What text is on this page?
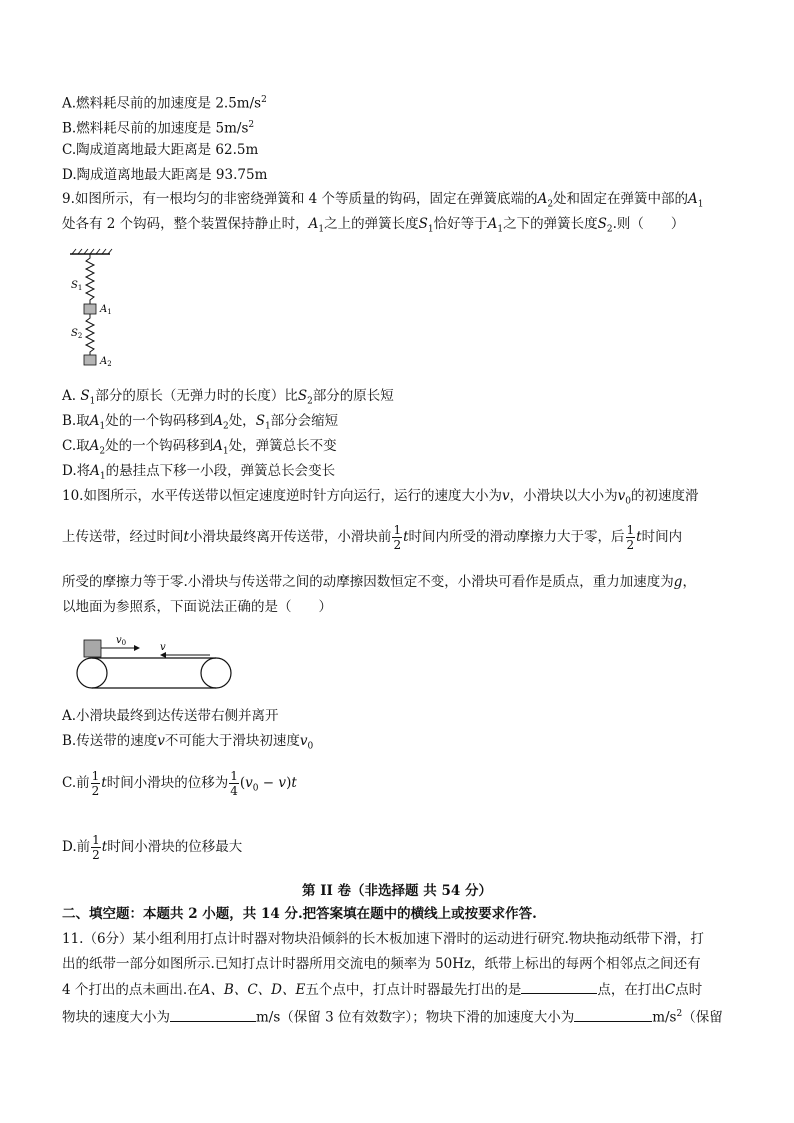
A.燃料耗尽前的加速度是 $2.5m/s^2$
B.燃料耗尽前的加速度是 $5m/s^2$
C.陶成道离地最大距离是 62.5m
D.陶成道离地最大距离是 93.75m
9.如图所示，有一根均匀的非密绕弹簧和 4 个等质量的钩码，固定在弹簧底端的$A_2$处和固定在弹簧中部的$A_1$
处各有 2 个钩码，整个装置保持静止时，$A_1$之上的弹簧长度$S_1$恰好等于$A_1$之下的弹簧长度$S_2$.则（　　）
$S_1$
$A_1$
$S_2$
$A_2$
A. $S_1$部分的原长（无弹力时的长度）比$S_2$部分的原长短
B.取$A_1$处的一个钩码移到$A_2$处，$S_1$部分会缩短
C.取$A_2$处的一个钩码移到$A_1$处，弹簧总长不变
D.将$A_1$的悬挂点下移一小段，弹簧总长会变长
10.如图所示，水平传送带以恒定速度逆时针方向运行，运行的速度大小为v，小滑块以大小为$v_0$的初速度滑
上传送带，经过时间t小滑块最终离开传送带，小滑块前 $\frac{1}{2}$ t时间内所受的滑动摩擦力大于零，后 $\frac{1}{2}$ t时间内
所受的摩擦力等于零.小滑块与传送带之间的动摩擦因数恒定不变，小滑块可看作是质点，重力加速度为g，
以地面为参照系，下面说法正确的是（　　）
$v_0$	v
A.小滑块最终到达传送带右侧并离开
B.传送带的速度v不可能大于滑块初速度$v_0$
C.前 $\frac{1}{2}$ t时间小滑块的位移为 $\frac{1}{4} (v_0 - v)t$
D.前 $\frac{1}{2}$ t时间小滑块的位移最大
第 II 卷（非选择题 共 54 分）
二、填空题：本题共 2 小题，共 14 分.把答案填在题中的横线上或按要求作答.
11.（6分）某小组利用打点计时器对物块沿倾斜的长木板加速下滑时的运动进行研究.物块拖动纸带下滑，打
出的纸带一部分如图所示.已知打点计时器所用交流电的频率为 50Hz，纸带上标出的每两个相邻点之间还有
4 个打出的点未画出.在A、B、C、D、E五个点中，打点计时器最先打出的是	点，在打出C点时
物块的速度大小为	m/s（保留 3 位有效数字）；物块下滑的加速度大小为	$m/s^2$（保留
